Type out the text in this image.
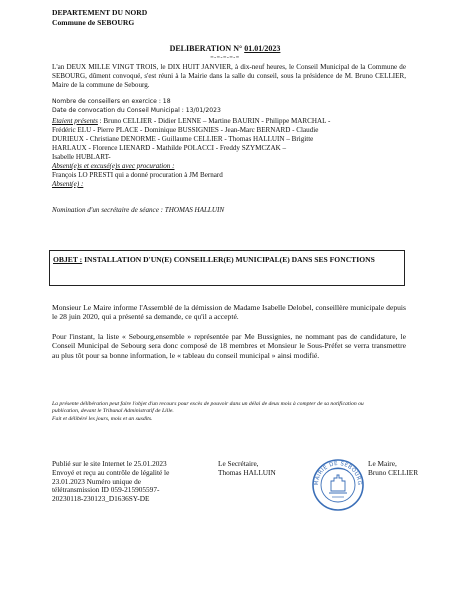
DEPARTEMENT DU NORD
Commune de SEBOURG
DELIBERATION N° 01.01/2023
=-=-=-=-=
L'an DEUX MILLE VINGT TROIS, le DIX HUIT JANVIER, à dix-neuf heures, le Conseil Municipal de la Commune de SEBOURG, dûment convoqué, s'est réuni à la Mairie dans la salle du conseil, sous la présidence de M. Bruno CELLIER, Maire de la commune de Sebourg.
Nombre de conseillers en exercice : 18
Date de convocation du Conseil Municipal : 13/01/2023
Etaient présents : Bruno CELLIER - Didier LENNE – Martine BAURIN - Philippe MARCHAL -
Frédéric ELU - Pierre PLACE - Dominique BUSSIGNIES - Jean-Marc BERNARD - Claudie
DURIEUX - Christiane DENORME - Guillaume CELLIER - Thomas HALLUIN – Brigitte
HARLAUX - Florence LIENARD - Mathilde POLACCI - Freddy SZYMCZAK –
Isabelle HUBLART-
Absent(e)s et excusé(e)s avec procuration :
François LO PRESTI qui a donné procuration à JM Bernard
Absent(e) :
Nomination d'un secrétaire de séance : THOMAS HALLUIN
OBJET : INSTALLATION D'UN(E) CONSEILLER(E) MUNICIPAL(E) DANS SES FONCTIONS
Monsieur Le Maire informe l'Assemblé de la démission de Madame Isabelle Delobel, conseillère municipale depuis le 28 juin 2020, qui a présenté sa demande, ce qu'il a accepté.
Pour l'instant, la liste « Sebourg,ensemble » représentée par Me Bussignies, ne nommant pas de candidature, le Conseil Municipal de Sebourg sera donc composé de 18 membres et Monsieur le Sous-Préfet se verra transmettre au plus tôt pour sa bonne information, le « tableau du conseil municipal » ainsi modifié.
La présente délibération peut faire l'objet d'un recours pour excès de pouvoir dans un délai de deux mois à compter de sa notification ou publication, devant le Tribunal Administratif de Lille.
Fait et délibéré les jours, mois et an susdits.
Publié sur le site Internet le 25.01.2023
Envoyé et reçu au contrôle de légalité le
23.01.2023 Numéro unique de
télétransmission ID 059-215905597-
20230118-230123_D1636SY-DE
Le Secrétaire,
Thomas HALLUIN
MAIRIE DE SEBOURG
Le Maire,
Bruno CELLIER
